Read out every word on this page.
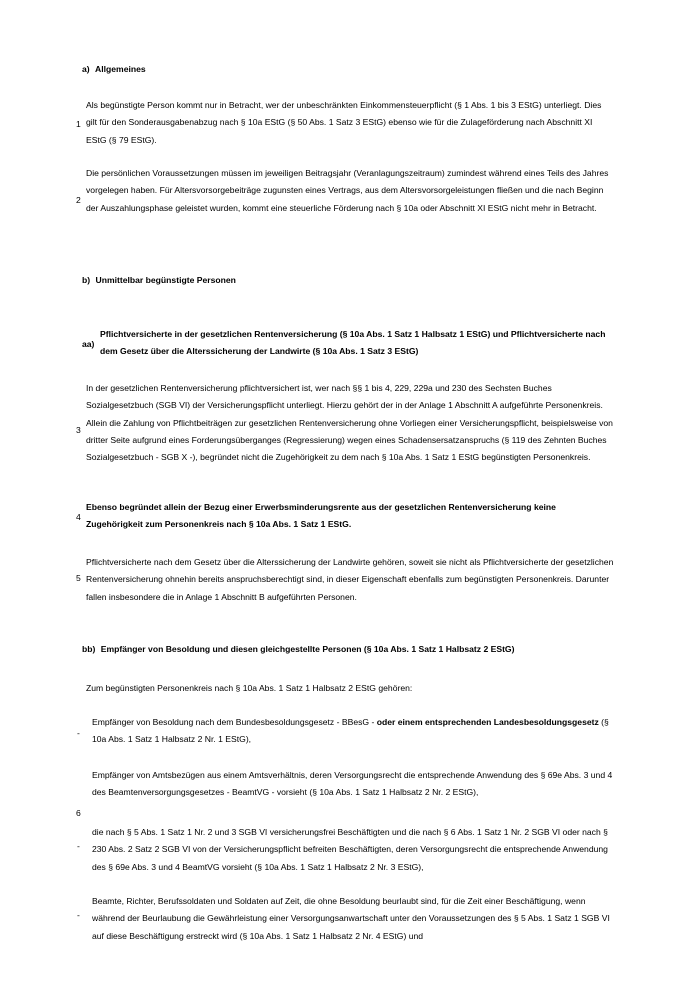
a) Allgemeines
1
Als begünstigte Person kommt nur in Betracht, wer der unbeschränkten Einkommensteuerpflicht (§ 1 Abs. 1 bis 3 EStG) unterliegt. Dies gilt für den Sonderausgabenabzug nach § 10a EStG (§ 50 Abs. 1 Satz 3 EStG) ebenso wie für die Zulageförderung nach Abschnitt XI EStG (§ 79 EStG).
2
Die persönlichen Voraussetzungen müssen im jeweiligen Beitragsjahr (Veranlagungszeitraum) zumindest während eines Teils des Jahres vorgelegen haben. Für Altersvorsorgebeiträge zugunsten eines Vertrags, aus dem Altersvorsorgeleistungen fließen und die nach Beginn der Auszahlungsphase geleistet wurden, kommt eine steuerliche Förderung nach § 10a oder Abschnitt XI EStG nicht mehr in Betracht.
b) Unmittelbar begünstigte Personen
aa)
Pflichtversicherte in der gesetzlichen Rentenversicherung (§ 10a Abs. 1 Satz 1 Halbsatz 1 EStG) und Pflichtversicherte nach dem Gesetz über die Alterssicherung der Landwirte (§ 10a Abs. 1 Satz 3 EStG)
3
In der gesetzlichen Rentenversicherung pflichtversichert ist, wer nach §§ 1 bis 4, 229, 229a und 230 des Sechsten Buches Sozialgesetzbuch (SGB VI) der Versicherungspflicht unterliegt. Hierzu gehört der in der Anlage 1 Abschnitt A aufgeführte Personenkreis. Allein die Zahlung von Pflichtbeiträgen zur gesetzlichen Rentenversicherung ohne Vorliegen einer Versicherungspflicht, beispielsweise von dritter Seite aufgrund eines Forderungsüberganges (Regressierung) wegen eines Schadensersatzanspruchs (§ 119 des Zehnten Buches Sozialgesetzbuch - SGB X -), begründet nicht die Zugehörigkeit zu dem nach § 10a Abs. 1 Satz 1 EStG begünstigten Personenkreis.
4
Ebenso begründet allein der Bezug einer Erwerbsminderungsrente aus der gesetzlichen Rentenversicherung keine Zugehörigkeit zum Personenkreis nach § 10a Abs. 1 Satz 1 EStG.
5
Pflichtversicherte nach dem Gesetz über die Alterssicherung der Landwirte gehören, soweit sie nicht als Pflichtversicherte der gesetzlichen Rentenversicherung ohnehin bereits anspruchsberechtigt sind, in dieser Eigenschaft ebenfalls zum begünstigten Personenkreis. Darunter fallen insbesondere die in Anlage 1 Abschnitt B aufgeführten Personen.
bb) Empfänger von Besoldung und diesen gleichgestellte Personen (§ 10a Abs. 1 Satz 1 Halbsatz 2 EStG)
Zum begünstigten Personenkreis nach § 10a Abs. 1 Satz 1 Halbsatz 2 EStG gehören:
6
-
Empfänger von Besoldung nach dem Bundesbesoldungsgesetz - BBesG - oder einem entsprechenden Landesbesoldungsgesetz (§ 10a Abs. 1 Satz 1 Halbsatz 2 Nr. 1 EStG),
Empfänger von Amtsbezügen aus einem Amtsverhältnis, deren Versorgungsrecht die entsprechende Anwendung des § 69e Abs. 3 und 4 des Beamtenversorgungsgesetzes - BeamtVG - vorsieht (§ 10a Abs. 1 Satz 1 Halbsatz 2 Nr. 2 EStG),
-
die nach § 5 Abs. 1 Satz 1 Nr. 2 und 3 SGB VI versicherungsfrei Beschäftigten und die nach § 6 Abs. 1 Satz 1 Nr. 2 SGB VI oder nach § 230 Abs. 2 Satz 2 SGB VI von der Versicherungspflicht befreiten Beschäftigten, deren Versorgungsrecht die entsprechende Anwendung des § 69e Abs. 3 und 4 BeamtVG vorsieht (§ 10a Abs. 1 Satz 1 Halbsatz 2 Nr. 3 EStG),
-
Beamte, Richter, Berufssoldaten und Soldaten auf Zeit, die ohne Besoldung beurlaubt sind, für die Zeit einer Beschäftigung, wenn während der Beurlaubung die Gewährleistung einer Versorgungsanwartschaft unter den Voraussetzungen des § 5 Abs. 1 Satz 1 SGB VI auf diese Beschäftigung erstreckt wird (§ 10a Abs. 1 Satz 1 Halbsatz 2 Nr. 4 EStG) und
